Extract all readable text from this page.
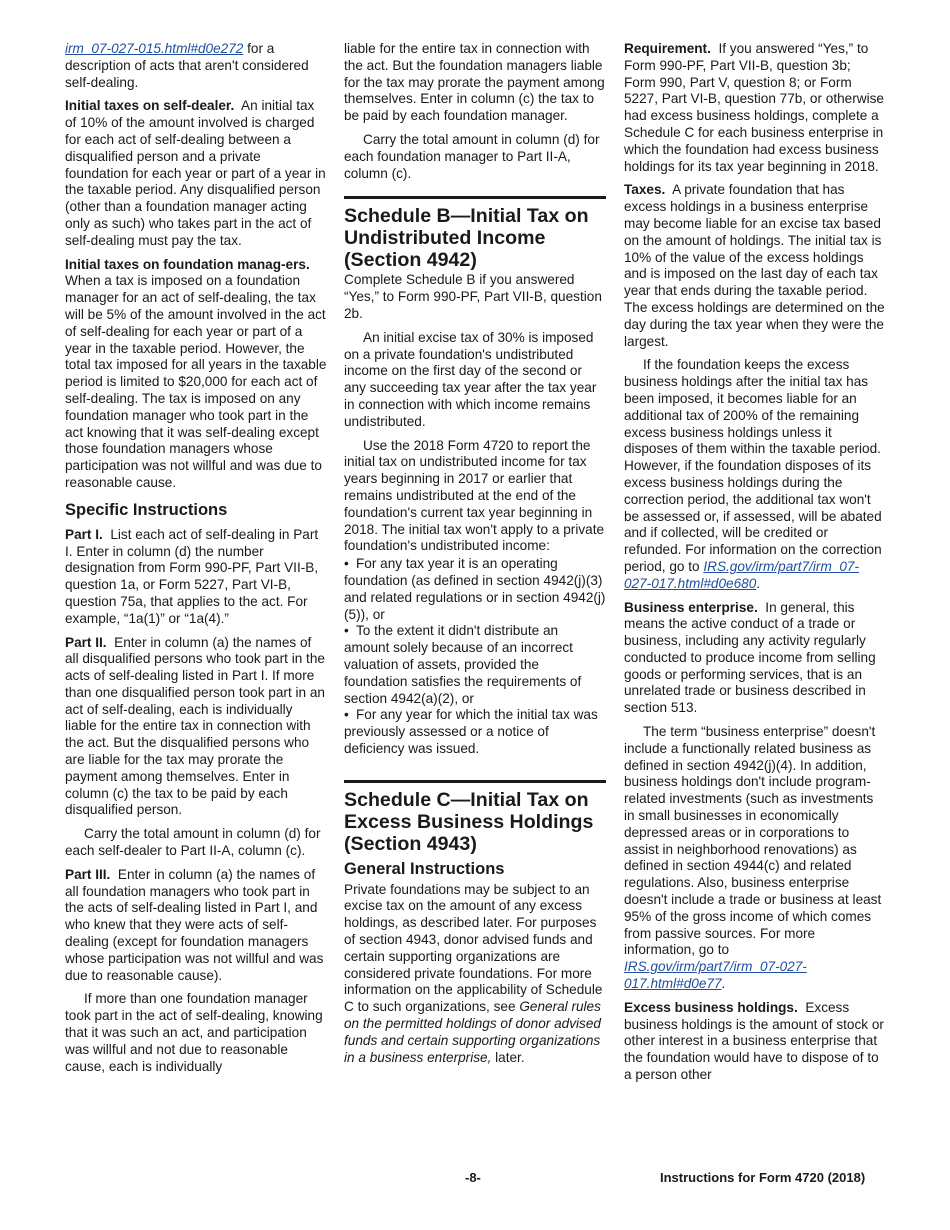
irm_07-027-015.html#d0e272 for a description of acts that aren't considered self-dealing.

Initial taxes on self-dealer. An initial tax of 10% of the amount involved is charged for each act of self-dealing between a disqualified person and a private foundation for each year or part of a year in the taxable period. Any disqualified person (other than a foundation manager acting only as such) who takes part in the act of self-dealing must pay the tax.

Initial taxes on foundation manag-ers.  When a tax is imposed on a foundation manager for an act of self-dealing, the tax will be 5% of the amount involved in the act of self-dealing for each year or part of a year in the taxable period. However, the total tax imposed for all years in the taxable period is limited to $20,000 for each act of self-dealing. The tax is imposed on any foundation manager who took part in the act knowing that it was self-dealing except those foundation managers whose participation was not willful and was due to reasonable cause.

Specific Instructions

Part I. List each act of self-dealing in Part I. Enter in column (d) the number designation from Form 990-PF, Part VII-B, question 1a, or Form 5227, Part VI-B, question 75a, that applies to the act. For example, “1a(1)” or “1a(4).”

Part II. Enter in column (a) the names of all disqualified persons who took part in the acts of self-dealing listed in Part I. If more than one disqualified person took part in an act of self-dealing, each is individually liable for the entire tax in connection with the act. But the disqualified persons who are liable for the tax may prorate the payment among themselves. Enter in column (c) the tax to be paid by each disqualified person.

Carry the total amount in column (d) for each self-dealer to Part II-A, column (c).

Part III. Enter in column (a) the names of all foundation managers who took part in the acts of self-dealing listed in Part I, and who knew that they were acts of self-dealing (except for foundation managers whose participation was not willful and was due to reasonable cause).

If more than one foundation manager took part in the act of self-dealing, knowing that it was such an act, and participation was willful and not due to reasonable cause, each is individually

liable for the entire tax in connection with the act. But the foundation managers liable for the tax may prorate the payment among themselves. Enter in column (c) the tax to be paid by each foundation manager.

Carry the total amount in column (d) for each foundation manager to Part II-A, column (c).

Schedule B—Initial Tax on Undistributed Income (Section 4942)

Complete Schedule B if you answered “Yes,” to Form 990-PF, Part VII-B, question 2b.

An initial excise tax of 30% is imposed on a private foundation's undistributed income on the first day of the second or any succeeding tax year after the tax year in connection with which income remains undistributed.

Use the 2018 Form 4720 to report the initial tax on undistributed income for tax years beginning in 2017 or earlier that remains undistributed at the end of the foundation's current tax year beginning in 2018. The initial tax won't apply to a private foundation's undistributed income:

• For any tax year it is an operating foundation (as defined in section 4942(j)(3) and related regulations or in section 4942(j)(5)), or
• To the extent it didn't distribute an amount solely because of an incorrect valuation of assets, provided the foundation satisfies the requirements of section 4942(a)(2), or
• For any year for which the initial tax was previously assessed or a notice of deficiency was issued.
Schedule C—Initial Tax on Excess Business Holdings (Section 4943)
General Instructions

Private foundations may be subject to an excise tax on the amount of any excess holdings, as described later. For purposes of section 4943, donor advised funds and certain supporting organizations are considered private foundations. For more information on the applicability of Schedule C to such organizations, see General rules on the permitted holdings of donor advised funds and certain supporting organizations in a business enterprise, later.

Requirement. If you answered “Yes,” to Form 990-PF, Part VII-B, question 3b; Form 990, Part V, question 8; or Form 5227, Part VI-B, question 77b, or otherwise had excess business holdings, complete a Schedule C for each business enterprise in which the foundation had excess business holdings for its tax year beginning in 2018.

Taxes. A private foundation that has excess holdings in a business enterprise may become liable for an excise tax based on the amount of holdings. The initial tax is 10% of the value of the excess holdings and is imposed on the last day of each tax year that ends during the taxable period. The excess holdings are determined on the day during the tax year when they were the largest.

If the foundation keeps the excess business holdings after the initial tax has been imposed, it becomes liable for an additional tax of 200% of the remaining excess business holdings unless it disposes of them within the taxable period. However, if the foundation disposes of its excess business holdings during the correction period, the additional tax won't be assessed or, if assessed, will be abated and if collected, will be credited or refunded. For information on the correction period, go to IRS.gov/irm/part7/irm_07-027-017.html#d0e680.

Business enterprise. In general, this means the active conduct of a trade or business, including any activity regularly conducted to produce income from selling goods or performing services, that is an unrelated trade or business described in section 513.

The term “business enterprise” doesn't include a functionally related business as defined in section 4942(j)(4). In addition, business holdings don't include program-related investments (such as investments in small businesses in economically depressed areas or in corporations to assist in neighborhood renovations) as defined in section 4944(c) and related regulations. Also, business enterprise doesn't include a trade or business at least 95% of the gross income of which comes from passive sources. For more information, go to IRS.gov/irm/part7/irm_07-027-017.html#d0e77.

Excess business holdings. Excess business holdings is the amount of stock or other interest in a business enterprise that the foundation would have to dispose of to a person other

-8-	Instructions for Form 4720 (2018)
